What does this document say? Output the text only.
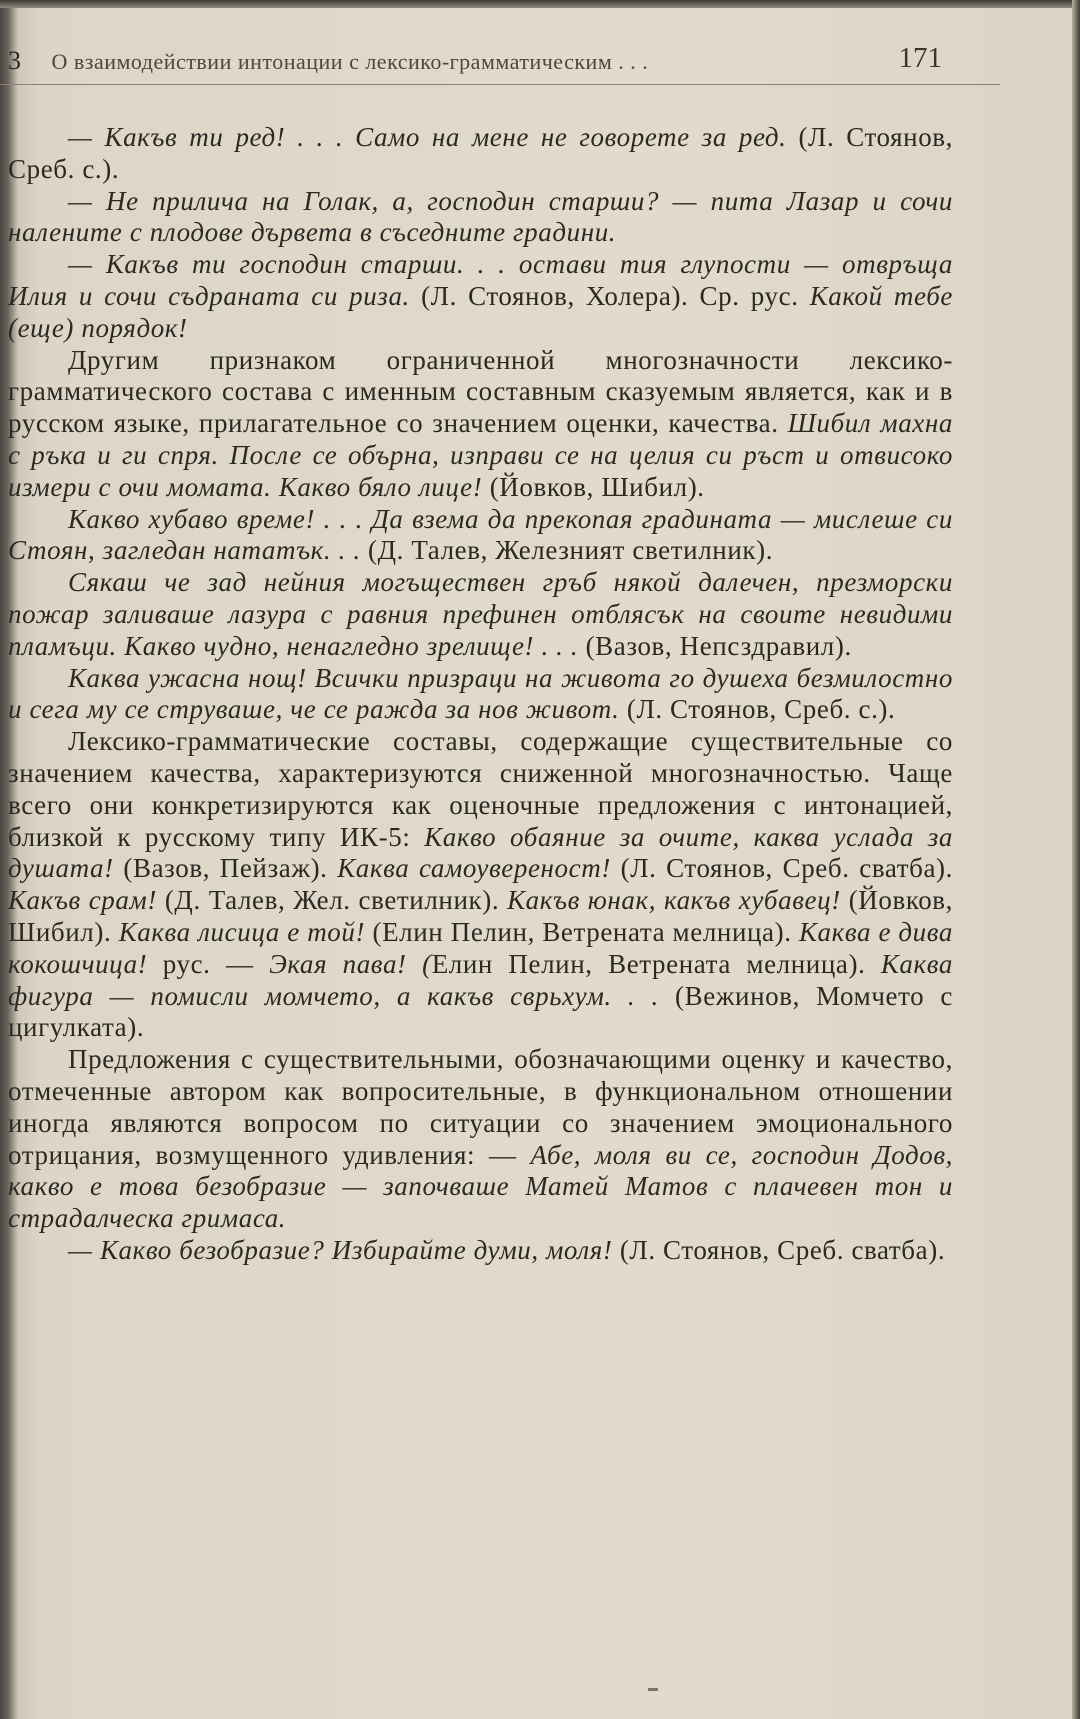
3 О взаимодействии интонации с лексико-грамматическим . . .	171

— Какъв ти ред! . . . Само на мене не говорете за ред. (Л. Стоянов, Среб. с.).

— Не прилича на Голак, а, господин старши? — пита Лазар и сочи налените с плодове дървета в съседните градини.

— Какъв ти господин старши. . . остави тия глупости — отвръща Илия и сочи съдраната си риза. (Л. Стоянов, Холера). Ср. рус. Какой тебе (еще) порядок!

Другим признаком ограниченной многозначности лексико-грамматического состава с именным составным сказуемым является, как и в русском языке, прилагательное со значением оценки, качества. Шибил махна с ръка и ги спря. После се обърна, изправи се на целия си ръст и отвисоко измери с очи момата. Какво бяло лице! (Йовков, Шибил).

Какво хубаво време! . . . Да взема да прекопая градината — мислеше си Стоян, загледан нататък. . . (Д. Талев, Железният светилник).

Сякаш че зад нейния могъществен гръб някой далечен, презморски пожар заливаше лазура с равния префинен отблясък на своите невидими пламъци. Какво чудно, ненагледно зрелище! . . . (Вазов, Непсздравил).

Каква ужасна нощ! Всички призраци на живота го душеха безмилостно и сега му се струваше, че се ражда за нов живот. (Л. Стоянов, Среб. с.).

Лексико-грамматические составы, содержащие существительные со значением качества, характеризуются сниженной многозначностью. Чаще всего они конкретизируются как оценочные предложения с интонацией, близкой к русскому типу ИК-5: Какво обаяние за очите, каква услада за душата! (Вазов, Пейзаж). Каква самоувереност! (Л. Стоянов, Среб. сватба). Какъв срам! (Д. Талев, Жел. светилник). Какъв юнак, какъв хубавец! (Йовков, Шибил). Каква лисица е той! (Елин Пелин, Ветрената мелница). Каква е дива кокошчица! рус. — Экая пава! (Елин Пелин, Ветрената мелница). Каква фигура — помисли момчето, а какъв сврьхум. . . (Вежинов, Момчето с цигулката).

Предложения с существительными, обозначающими оценку и качество, отмеченные автором как вопросительные, в функциональном отношении иногда являются вопросом по ситуации со значением эмоционального отрицания, возмущенного удивления: — Абе, моля ви се, господин Додов, какво е това безобразие — започваше Матей Матов с плачевен тон и страдалческа гримаса.

— Какво безобразие? Избирайте думи, моля! (Л. Стоянов, Среб. сватба).
